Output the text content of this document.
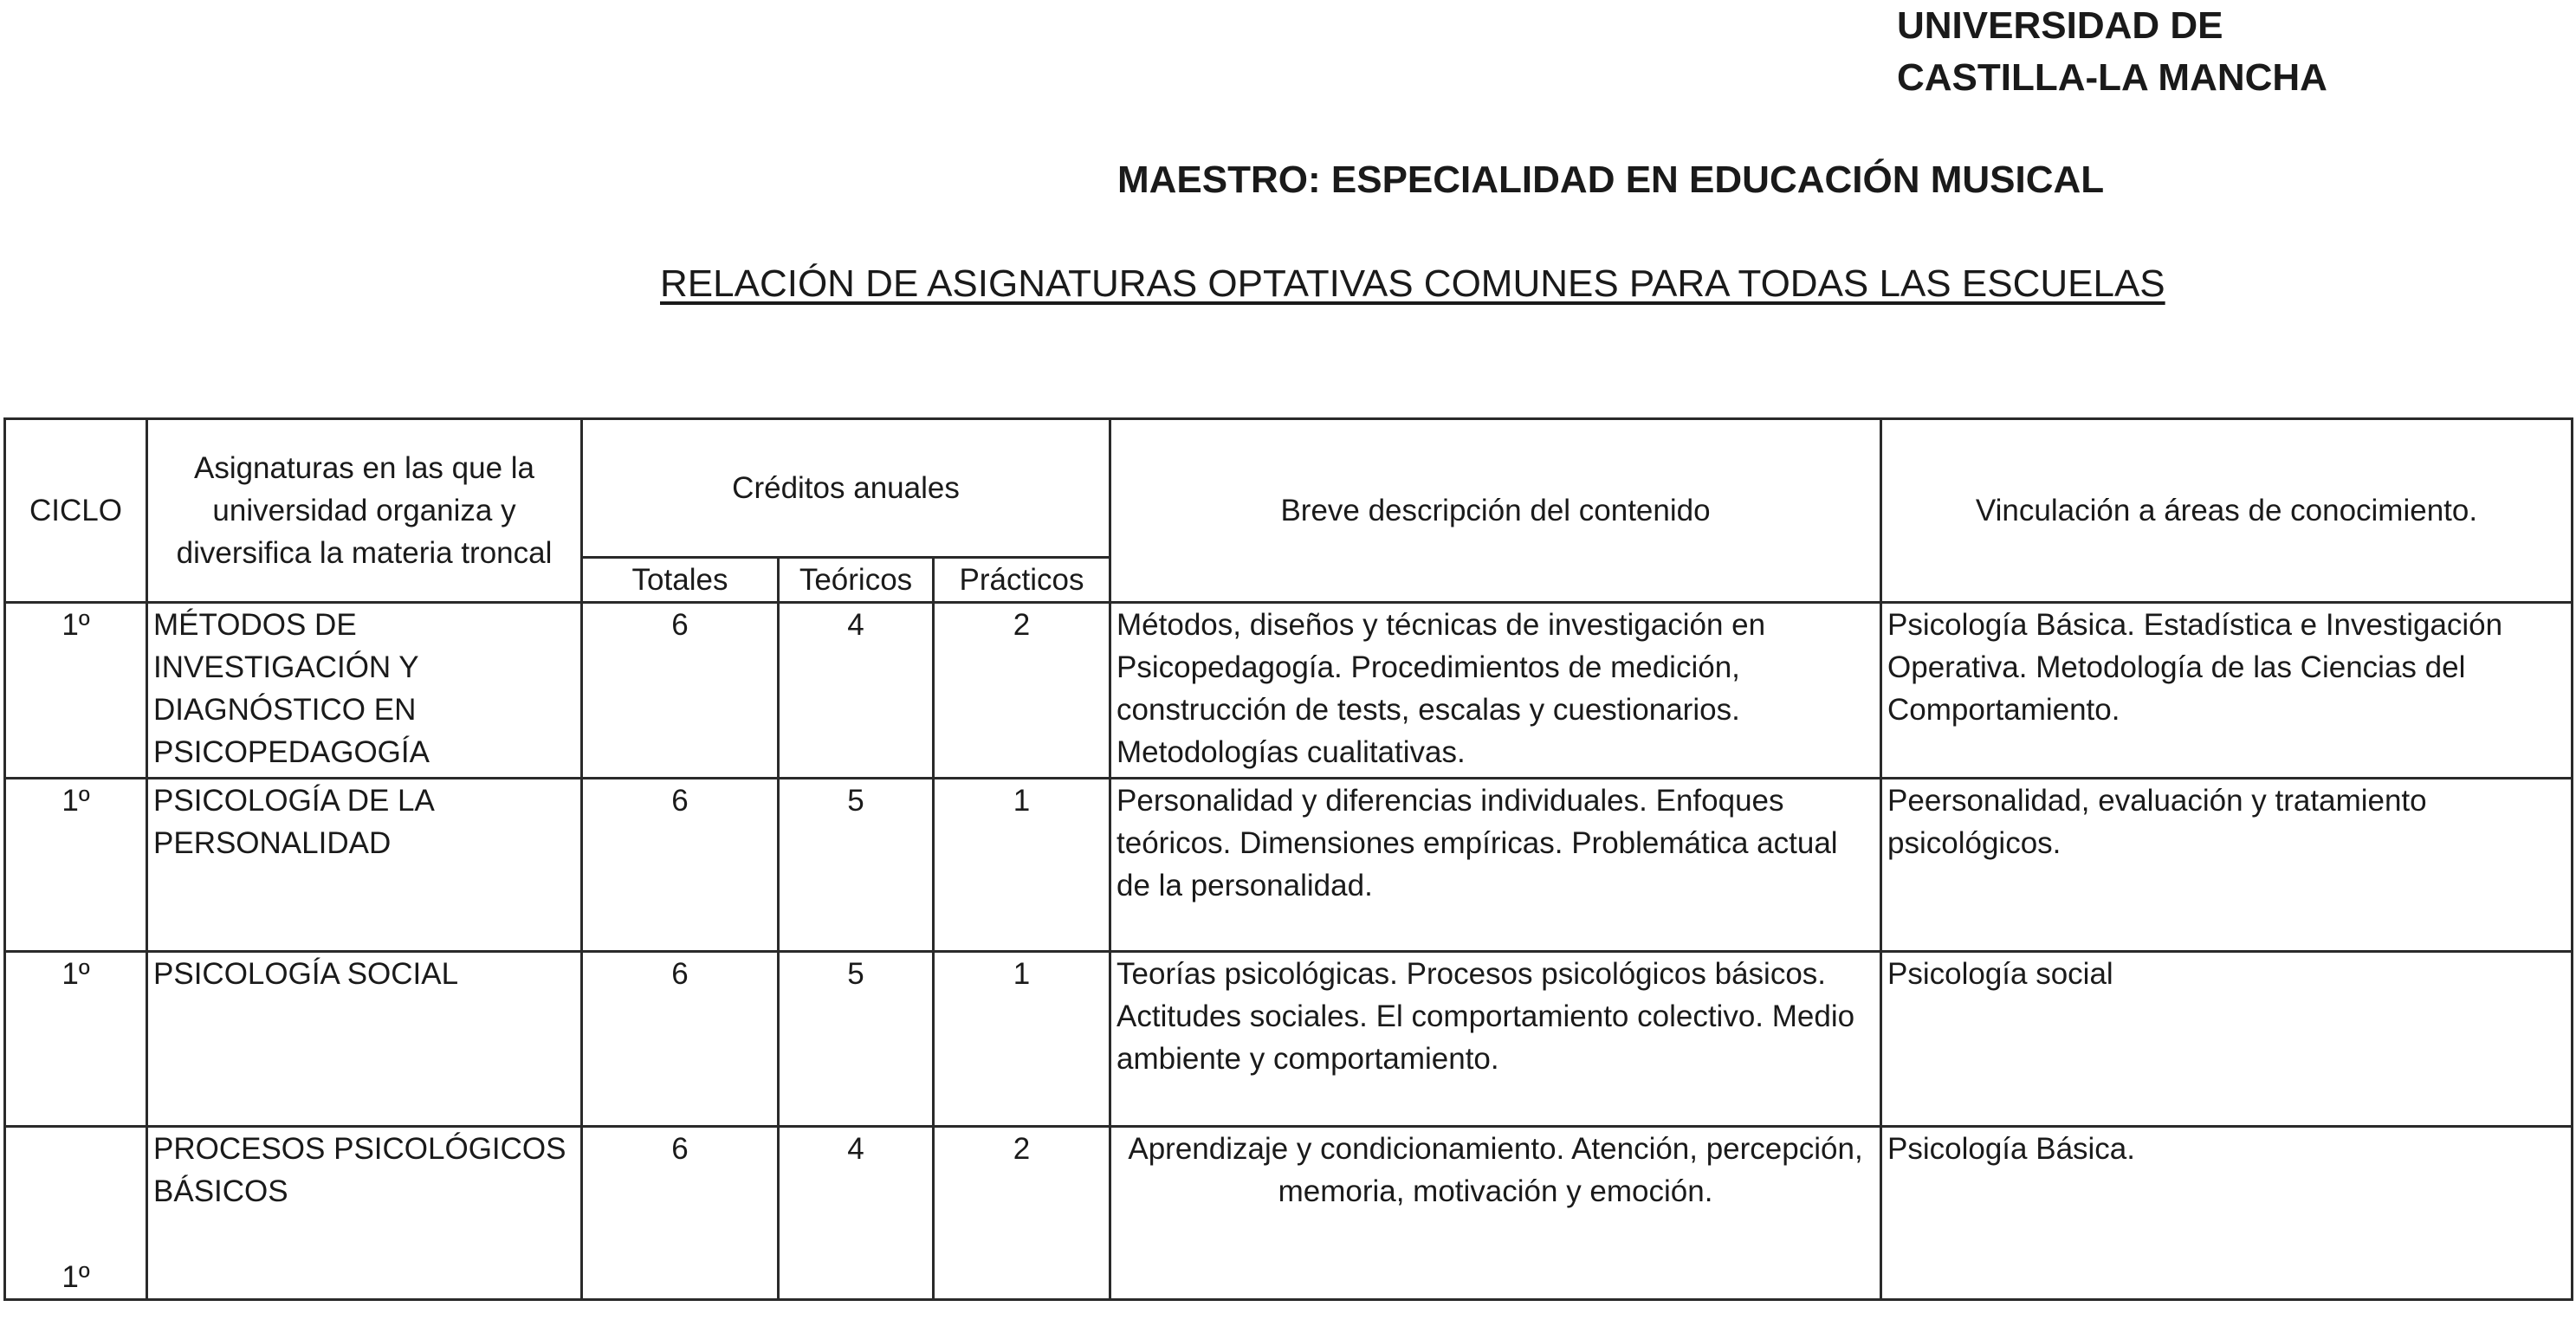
UNIVERSIDAD DE
CASTILLA-LA MANCHA
MAESTRO: ESPECIALIDAD EN EDUCACIÓN MUSICAL
RELACIÓN DE ASIGNATURAS OPTATIVAS COMUNES PARA TODAS LAS ESCUELAS
CICLO	Asignaturas en las que la universidad organiza y diversifica la materia troncal	Créditos anuales			Breve descripción del contenido	Vinculación a áreas de conocimiento.
		Totales	Teóricos	Prácticos		
1º	MÉTODOS DE INVESTIGACIÓN Y DIAGNÓSTICO EN PSICOPEDAGOGÍA	6	4	2	Métodos, diseños y técnicas de investigación en Psicopedagogía. Procedimientos de medición, construcción de tests, escalas y cuestionarios. Metodologías cualitativas.	Psicología Básica. Estadística e Investigación Operativa. Metodología de las Ciencias del Comportamiento.
1º	PSICOLOGÍA DE LA PERSONALIDAD	6	5	1	Personalidad y diferencias individuales. Enfoques teóricos. Dimensiones empíricas. Problemática actual de la personalidad.	Peersonalidad, evaluación y tratamiento psicológicos.
1º	PSICOLOGÍA SOCIAL	6	5	1	Teorías psicológicas. Procesos psicológicos básicos. Actitudes sociales. El comportamiento colectivo. Medio ambiente y comportamiento.	Psicología social
1º	PROCESOS PSICOLÓGICOS BÁSICOS	6	4	2	Aprendizaje y condicionamiento. Atención, percepción, memoria, motivación y emoción.	Psicología Básica.
